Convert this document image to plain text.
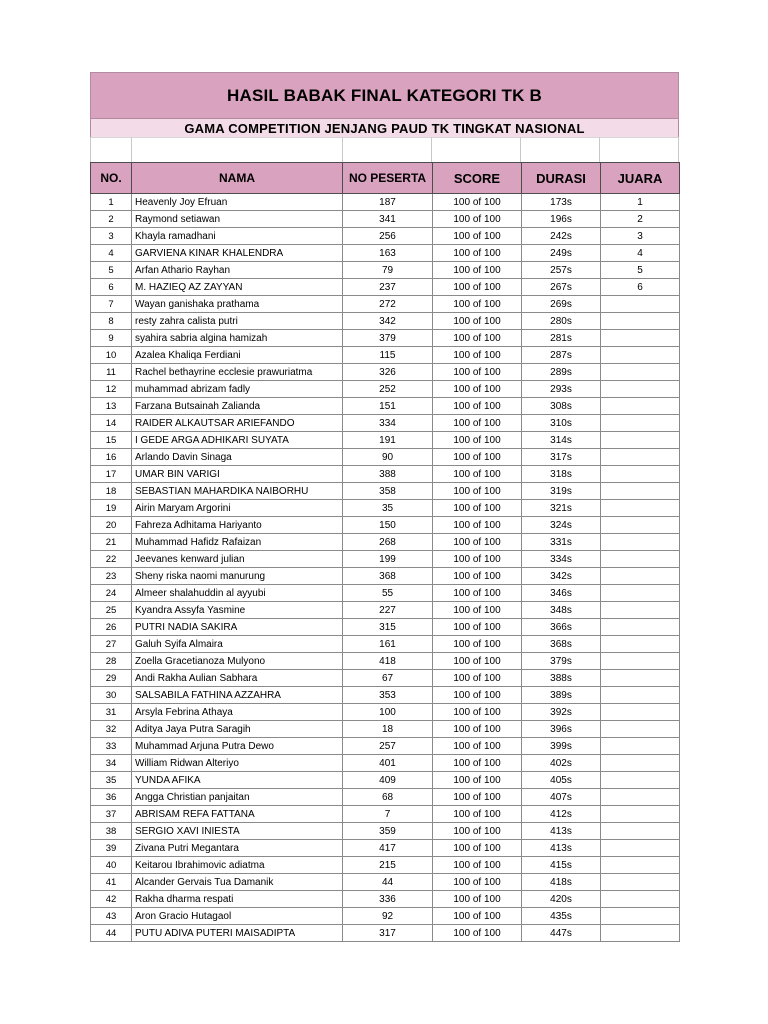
HASIL BABAK FINAL KATEGORI TK B
GAMA COMPETITION JENJANG PAUD TK TINGKAT NASIONAL
NO.	NAMA	NO PESERTA	SCORE	DURASI	JUARA
1	Heavenly Joy Efruan	187	100 of 100	173s	1
2	Raymond setiawan	341	100 of 100	196s	2
3	Khayla ramadhani	256	100 of 100	242s	3
4	GARVIENA KINAR KHALENDRA	163	100 of 100	249s	4
5	Arfan Athario Rayhan	79	100 of 100	257s	5
6	M. HAZIEQ AZ ZAYYAN	237	100 of 100	267s	6
7	Wayan ganishaka prathama	272	100 of 100	269s	
8	resty zahra calista putri	342	100 of 100	280s	
9	syahira sabria algina hamizah	379	100 of 100	281s	
10	Azalea Khaliqa Ferdiani	115	100 of 100	287s	
11	Rachel bethayrine ecclesie prawuriatma	326	100 of 100	289s	
12	muhammad abrizam fadly	252	100 of 100	293s	
13	Farzana Butsainah Zalianda	151	100 of 100	308s	
14	RAIDER ALKAUTSAR ARIEFANDO	334	100 of 100	310s	
15	I GEDE ARGA ADHIKARI SUYATA	191	100 of 100	314s	
16	Arlando Davin Sinaga	90	100 of 100	317s	
17	UMAR BIN VARIGI	388	100 of 100	318s	
18	SEBASTIAN MAHARDIKA NAIBORHU	358	100 of 100	319s	
19	Airin Maryam Argorini	35	100 of 100	321s	
20	Fahreza Adhitama Hariyanto	150	100 of 100	324s	
21	Muhammad Hafidz Rafaizan	268	100 of 100	331s	
22	Jeevanes kenward julian	199	100 of 100	334s	
23	Sheny riska naomi manurung	368	100 of 100	342s	
24	Almeer shalahuddin al ayyubi	55	100 of 100	346s	
25	Kyandra Assyfa Yasmine	227	100 of 100	348s	
26	PUTRI NADIA SAKIRA	315	100 of 100	366s	
27	Galuh Syifa Almaira	161	100 of 100	368s	
28	Zoella Gracetianoza Mulyono	418	100 of 100	379s	
29	Andi Rakha Aulian Sabhara	67	100 of 100	388s	
30	SALSABILA FATHINA AZZAHRA	353	100 of 100	389s	
31	Arsyla Febrina Athaya	100	100 of 100	392s	
32	Aditya Jaya Putra Saragih	18	100 of 100	396s	
33	Muhammad Arjuna Putra Dewo	257	100 of 100	399s	
34	William Ridwan Alteriyo	401	100 of 100	402s	
35	YUNDA AFIKA	409	100 of 100	405s	
36	Angga Christian panjaitan	68	100 of 100	407s	
37	ABRISAM REFA FATTANA	7	100 of 100	412s	
38	SERGIO XAVI INIESTA	359	100 of 100	413s	
39	Zivana Putri Megantara	417	100 of 100	413s	
40	Keitarou Ibrahimovic adiatma	215	100 of 100	415s	
41	Alcander Gervais Tua Damanik	44	100 of 100	418s	
42	Rakha dharma respati	336	100 of 100	420s	
43	Aron Gracio Hutagaol	92	100 of 100	435s	
44	PUTU ADIVA PUTERI MAISADIPTA	317	100 of 100	447s	
